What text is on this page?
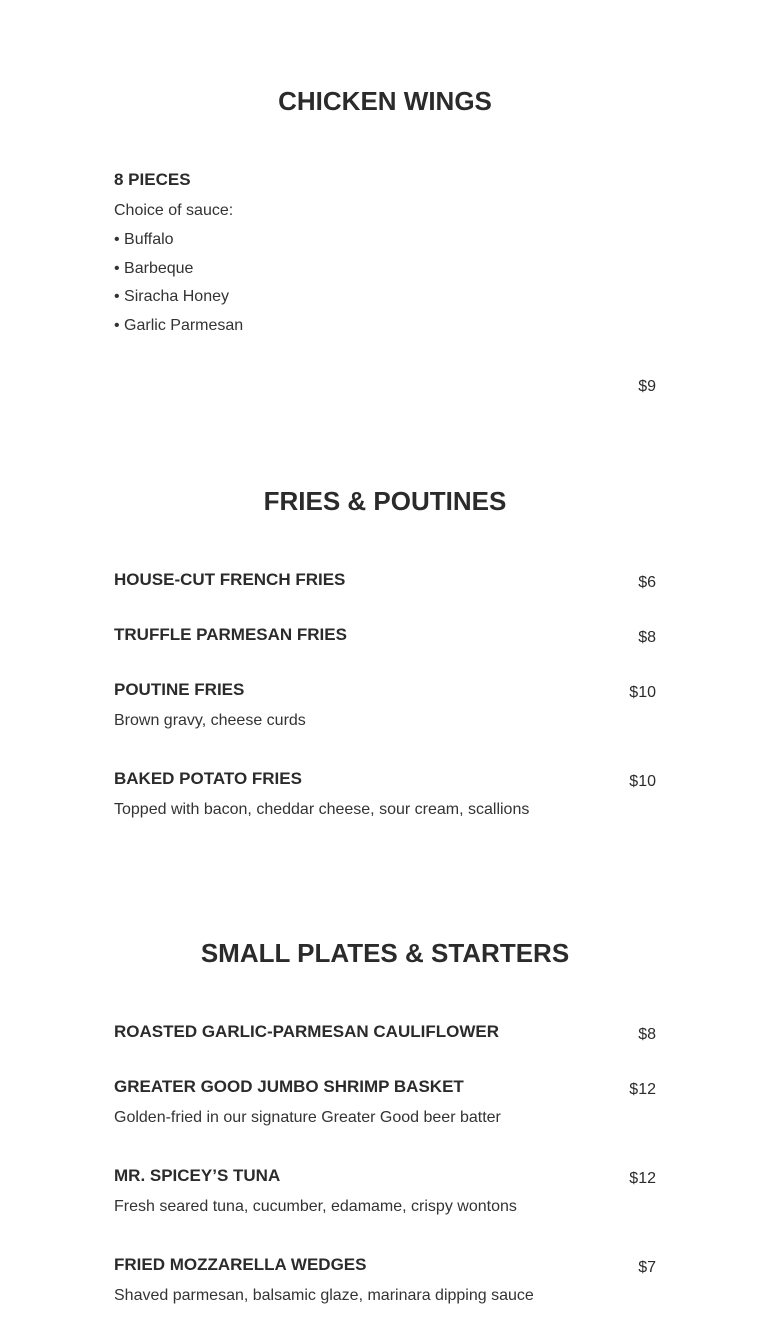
CHICKEN WINGS
8 PIECES
Choice of sauce:
• Buffalo
• Barbeque
• Siracha Honey
• Garlic Parmesan
$9
FRIES & POUTINES
HOUSE-CUT FRENCH FRIES	$6
TRUFFLE PARMESAN FRIES	$8
POUTINE FRIES	$10
Brown gravy, cheese curds
BAKED POTATO FRIES	$10
Topped with bacon, cheddar cheese, sour cream, scallions
SMALL PLATES & STARTERS
ROASTED GARLIC-PARMESAN CAULIFLOWER	$8
GREATER GOOD JUMBO SHRIMP BASKET	$12
Golden-fried in our signature Greater Good beer batter
MR. SPICEY’S TUNA	$12
Fresh seared tuna, cucumber, edamame, crispy wontons
FRIED MOZZARELLA WEDGES	$7
Shaved parmesan, balsamic glaze, marinara dipping sauce
